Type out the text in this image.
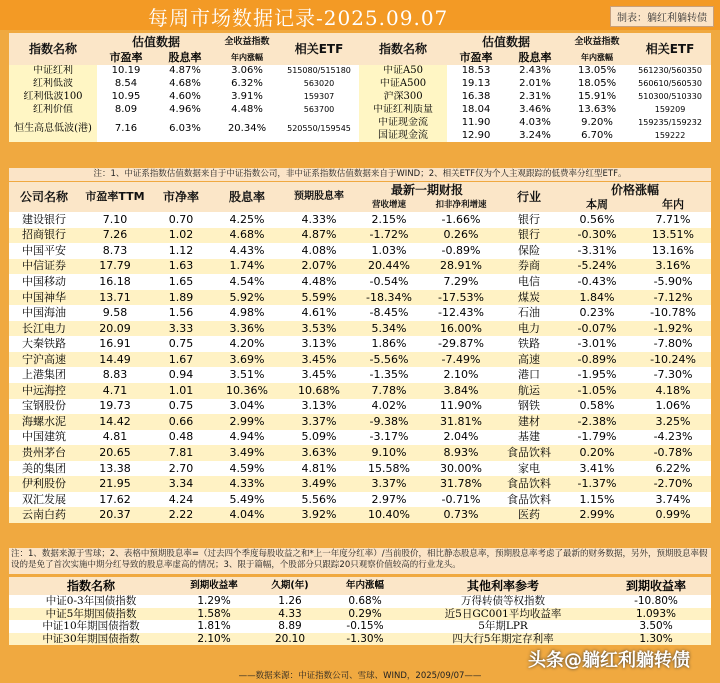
每周市场数据记录-2025.09.07	制表：躺红利躺转债
指数名称	估值数据		全收益指数	相关ETF	指数名称	估值数据		全收益指数	相关ETF
	市盈率	股息率	年内涨幅			市盈率	股息率	年内涨幅	
中证红利	10.19	4.87%	3.06%	515080/515180	中证A50	18.53	2.43%	13.05%	561230/560350
红利低波	8.54	4.68%	6.32%	563020	中证A500	19.13	2.01%	18.05%	560610/560530
红利低波100	10.95	4.60%	3.91%	159307	沪深300	16.38	2.31%	15.91%	510300/510330
红利价值	8.09	4.96%	4.48%	563700	中证红利质量	18.04	3.46%	13.63%	159209
恒生高息低波(港)	7.16	6.03%	20.34%	520550/159545	中证现金流	11.90	4.03%	9.20%	159235/159232
					国证现金流	12.90	3.24%	6.70%	159222
注：1、中证系指数估值数据来自于中证指数公司，非中证系指数估值数据来自于WIND；2、相关ETF仅为个人主观跟踪的低费率分红型ETF。
公司名称	市盈率TTM	市净率	股息率	预期股息率	最新一期财报		行业	价格涨幅	
					营收增速	扣非净利增速		本周	年内
建设银行	7.10	0.70	4.25%	4.33%	2.15%	-1.66%	银行	0.56%	7.71%
招商银行	7.26	1.02	4.68%	4.87%	-1.72%	0.26%	银行	-0.30%	13.51%
中国平安	8.73	1.12	4.43%	4.08%	1.03%	-0.89%	保险	-3.31%	13.16%
中信证券	17.79	1.63	1.74%	2.07%	20.44%	28.91%	券商	-5.24%	3.16%
中国移动	16.18	1.65	4.54%	4.48%	-0.54%	7.29%	电信	-0.43%	-5.90%
中国神华	13.71	1.89	5.92%	5.59%	-18.34%	-17.53%	煤炭	1.84%	-7.12%
中国海油	9.58	1.56	4.98%	4.61%	-8.45%	-12.43%	石油	0.23%	-10.78%
长江电力	20.09	3.33	3.36%	3.53%	5.34%	16.00%	电力	-0.07%	-1.92%
大秦铁路	16.91	0.75	4.20%	3.13%	1.86%	-29.87%	铁路	-3.01%	-7.80%
宁沪高速	14.49	1.67	3.69%	3.45%	-5.56%	-7.49%	高速	-0.89%	-10.24%
上港集团	8.83	0.94	3.51%	3.45%	-1.35%	2.10%	港口	-1.95%	-7.30%
中远海控	4.71	1.01	10.36%	10.68%	7.78%	3.84%	航运	-1.05%	4.18%
宝钢股份	19.73	0.75	3.04%	3.13%	4.02%	11.90%	钢铁	0.58%	1.06%
海螺水泥	14.42	0.66	2.99%	3.37%	-9.38%	31.81%	建材	-2.38%	3.25%
中国建筑	4.81	0.48	4.94%	5.09%	-3.17%	2.04%	基建	-1.79%	-4.23%
贵州茅台	20.65	7.81	3.49%	3.63%	9.10%	8.93%	食品饮料	0.20%	-0.78%
美的集团	13.38	2.70	4.59%	4.81%	15.58%	30.00%	家电	3.41%	6.22%
伊利股份	21.95	3.34	4.33%	3.49%	3.37%	31.78%	食品饮料	-1.37%	-2.70%
双汇发展	17.62	4.24	5.49%	5.56%	2.97%	-0.71%	食品饮料	1.15%	3.74%
云南白药	20.37	2.22	4.04%	3.92%	10.40%	0.73%	医药	2.99%	0.99%
注：1、数据来源于雪球；2、表格中预期股息率=（过去四个季度每股收益之和*上一年度分红率）/当前股价，相比静态股息率，预期股息率考虑了最新的财务数据，另外，预期股息率假设的是免了首次实施中期分红导致的股息率虚高的情况；3、限于篇幅，个股部分只跟踪20只观察价值较高的行业龙头。
指数名称	到期收益率	久期(年)	年内涨幅	其他利率参考	到期收益率
中证0-3年国债指数	1.29%	1.26	0.68%	万得转债等权指数	-10.80%
中证5年期国债指数	1.58%	4.33	0.29%	近5日GC001平均收益率	1.093%
中证10年期国债指数	1.81%	8.89	-0.15%	5年期LPR	3.50%
中证30年期国债指数	2.10%	20.10	-1.30%	四大行5年期定存利率	1.30%
——数据来源：中证指数公司、雪球、WIND，2025/09/07——
头条@躺红利躺转债
